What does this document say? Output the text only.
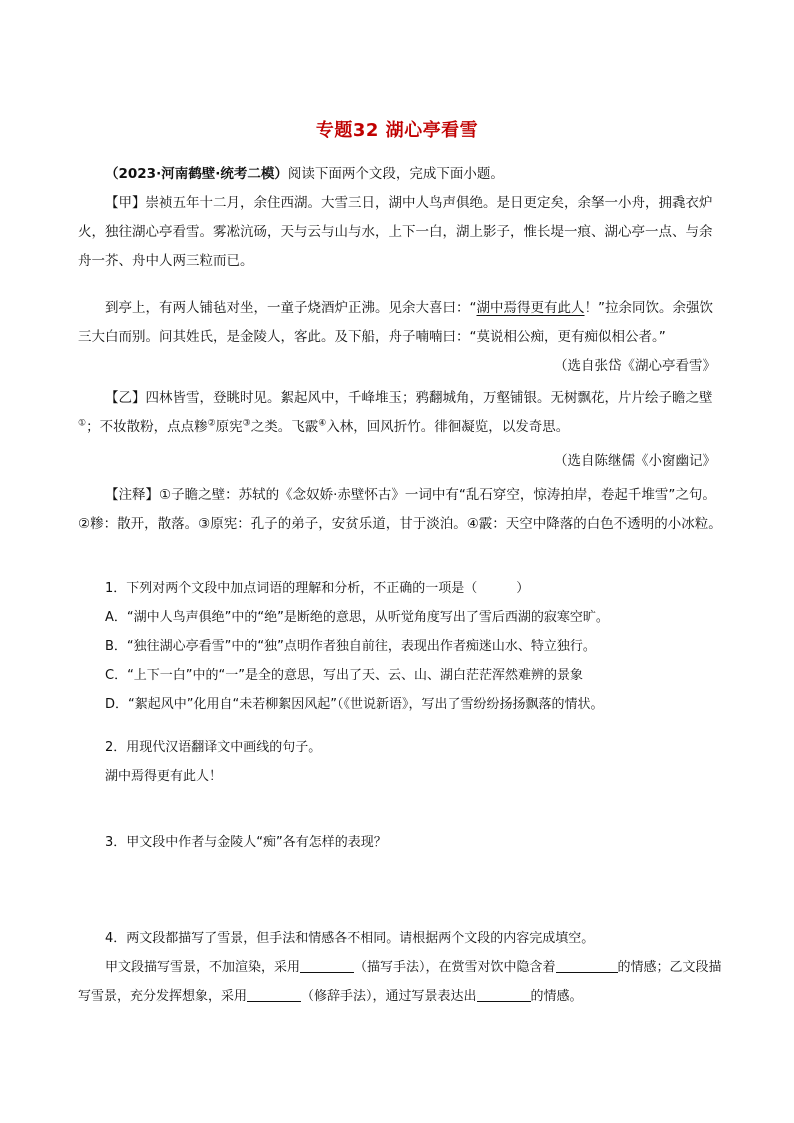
专题32 湖心亭看雪

（2023·河南鹤壁·统考二模）阅读下面两个文段，完成下面小题。

【甲】崇祯五年十二月，余住西湖。大雪三日，湖中人鸟声俱绝。是日更定矣，余拏一小舟，拥毳衣炉火，独往湖心亭看雪。雾凇沆砀，天与云与山与水，上下一白，湖上影子，惟长堤一痕、湖心亭一点、与余舟一芥、舟中人两三粒而已。

到亭上，有两人铺毡对坐，一童子烧酒炉正沸。见余大喜曰：“湖中焉得更有此人！”拉余同饮。余强饮三大白而别。问其姓氏，是金陵人，客此。及下船，舟子喃喃曰：“莫说相公痴，更有痴似相公者。”

（选自张岱《湖心亭看雪》

【乙】四林皆雪，登眺时见。絮起风中，千峰堆玉；鸦翻城角，万壑铺银。无树飘花，片片绘子瞻之壁①；不妆散粉，点点糁②原宪③之类。飞霰④入林，回风折竹。徘徊凝览，以发奇思。

（选自陈继儒《小窗幽记》

【注释】①子瞻之壁：苏轼的《念奴娇·赤壁怀古》一词中有“乱石穿空，惊涛拍岸，卷起千堆雪”之句。②糁：散开，散落。③原宪：孔子的弟子，安贫乐道，甘于淡泊。④霰：天空中降落的白色不透明的小冰粒。

1．下列对两个文段中加点词语的理解和分析，不正确的一项是（　　　）

A．“湖中人鸟声俱绝”中的“绝”是断绝的意思，从听觉角度写出了雪后西湖的寂寒空旷。

B．“独往湖心亭看雪”中的“独”点明作者独自前往，表现出作者痴迷山水、特立独行。

C．“上下一白”中的“一”是全的意思，写出了天、云、山、湖白茫茫浑然难辨的景象

D．“絮起风中”化用自“未若柳絮因风起”（《世说新语》，写出了雪纷纷扬扬飘落的情状。

2．用现代汉语翻译文中画线的句子。

湖中焉得更有此人！

3．甲文段中作者与金陵人“痴”各有怎样的表现？

4．两文段都描写了雪景，但手法和情感各不相同。请根据两个文段的内容完成填空。

甲文段描写雪景，不加渲染，采用	（描写手法），在赏雪对饮中隐含着	的情感；乙文段描写雪景，充分发挥想象，采用	（修辞手法），通过写景表达出	的情感。
